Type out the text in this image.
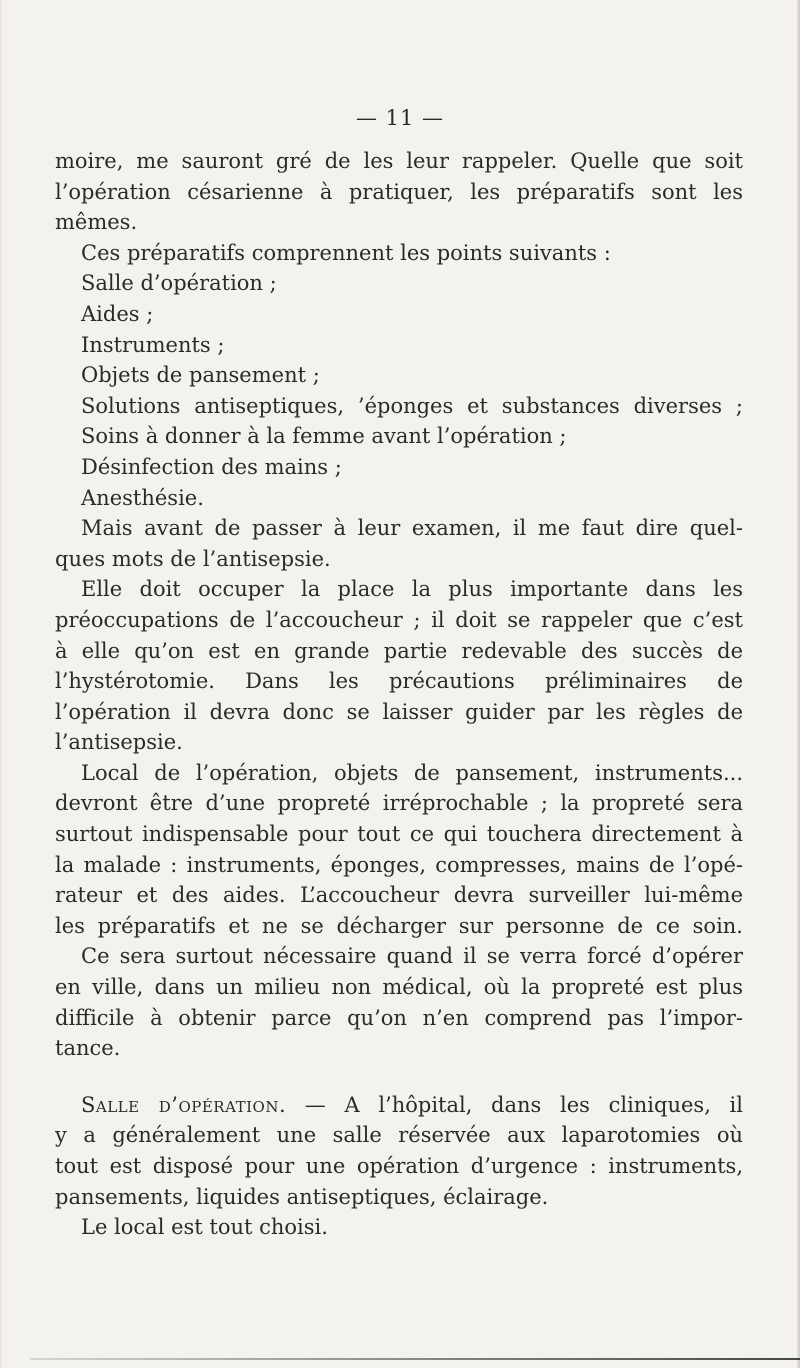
— 11 —
moire, me sauront gré de les leur rappeler. Quelle que soit
l’opération césarienne à pratiquer, les préparatifs sont les
mêmes.
Ces préparatifs comprennent les points suivants :
Salle d’opération ;
Aides ;
Instruments ;
Objets de pansement ;
Solutions antiseptiques, ’éponges et substances diverses ;
Soins à donner à la femme avant l’opération ;
Désinfection des mains ;
Anesthésie.
Mais avant de passer à leur examen, il me faut dire quel-
ques mots de l’antisepsie.
Elle doit occuper la place la plus importante dans les
préoccupations de l’accoucheur ; il doit se rappeler que c’est
à elle qu’on est en grande partie redevable des succès de
l’hystérotomie. Dans les précautions préliminaires de
l’opération il devra donc se laisser guider par les règles de
l’antisepsie.
Local de l’opération, objets de pansement, instruments...
devront être d’une propreté irréprochable ; la propreté sera
surtout indispensable pour tout ce qui touchera directement à
la malade : instruments, éponges, compresses, mains de l’opé-
rateur et des aides. L’accoucheur devra surveiller lui-même
les préparatifs et ne se décharger sur personne de ce soin.
Ce sera surtout nécessaire quand il se verra forcé d’opérer
en ville, dans un milieu non médical, où la propreté est plus
difficile à obtenir parce qu’on n’en comprend pas l’impor-
tance.
Salle d’opération. — A l’hôpital, dans les cliniques, il
y a généralement une salle réservée aux laparotomies où
tout est disposé pour une opération d’urgence : instruments,
pansements, liquides antiseptiques, éclairage.
Le local est tout choisi.
